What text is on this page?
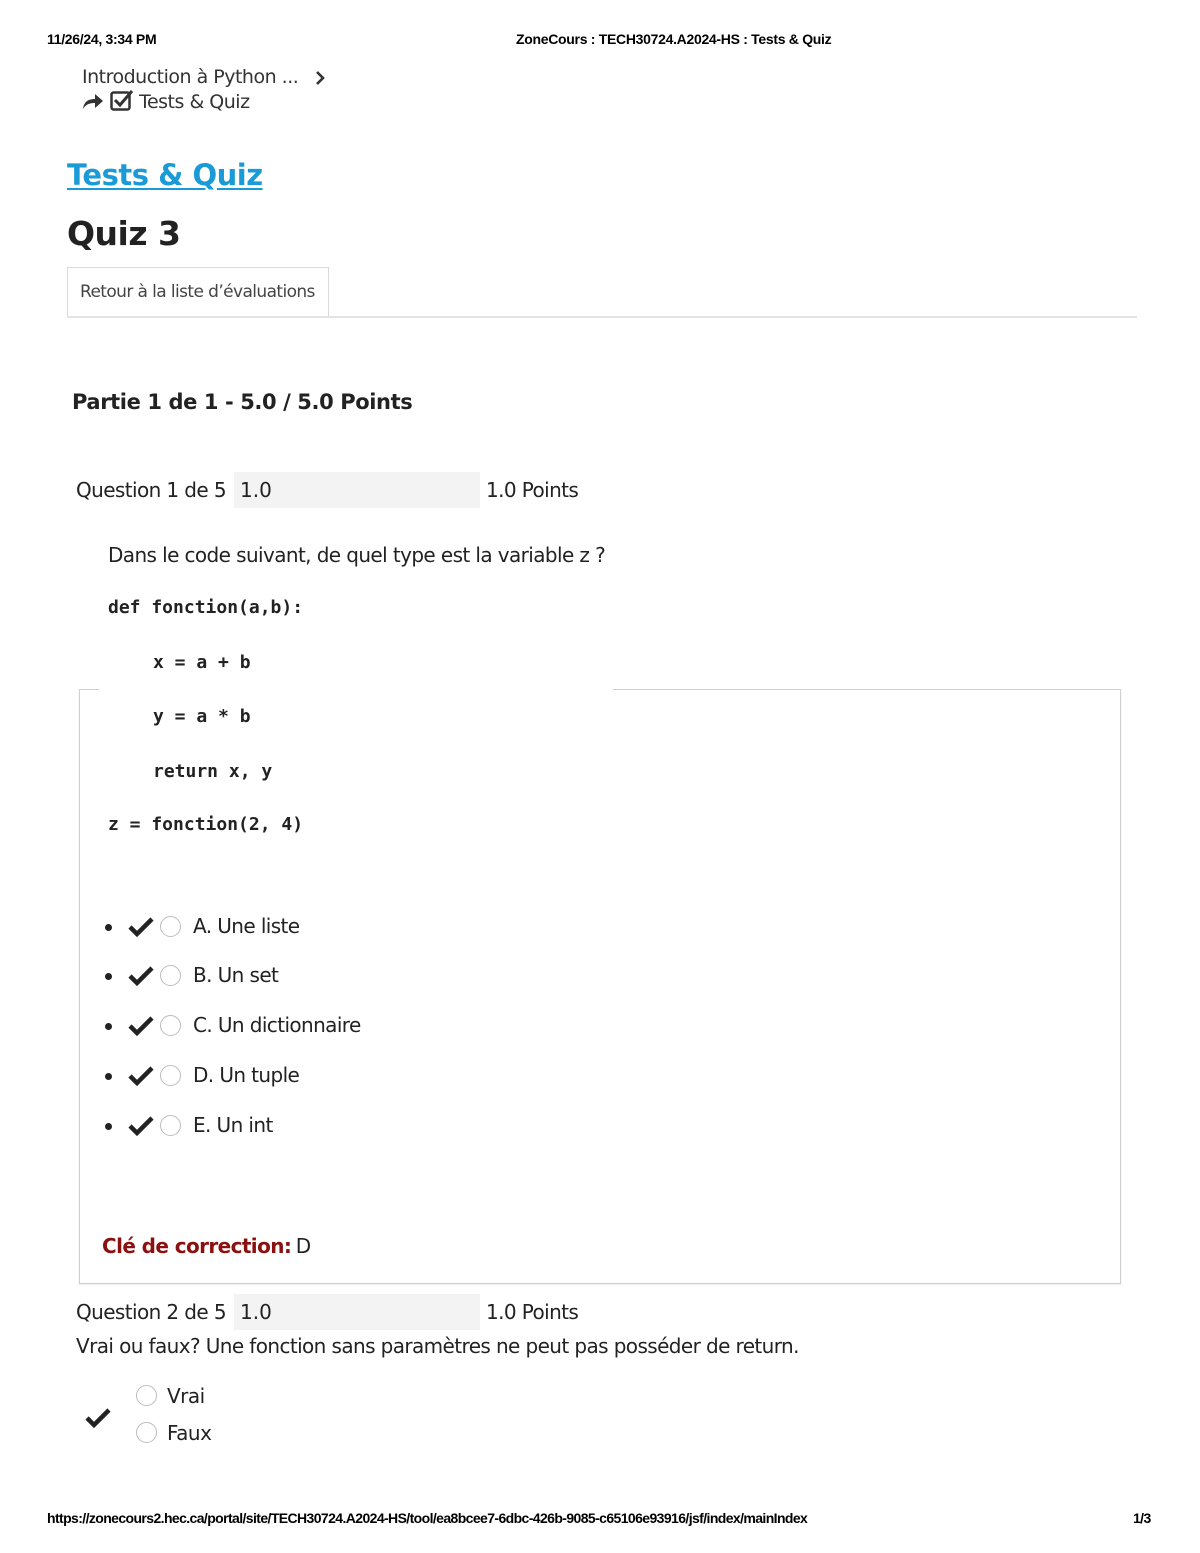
11/26/24, 3:34 PM	ZoneCours : TECH30724.A2024-HS : Tests & Quiz
Introduction à Python ...
Tests & Quiz
Tests & Quiz
Quiz 3
Retour à la liste d’évaluations
Partie 1 de 1 - 5.0 / 5.0 Points
Question 1 de 5 1.0	1.0 Points
Dans le code suivant, de quel type est la variable z ?
def fonction(a,b):
x = a + b
y = a * b
return x, y
z = fonction(2, 4)
A. Une liste
B. Un set
C. Un dictionnaire
D. Un tuple
E. Un int
Clé de correction: D
Question 2 de 5 1.0	1.0 Points
Vrai ou faux? Une fonction sans paramètres ne peut pas posséder de return.
Vrai
Faux
https://zonecours2.hec.ca/portal/site/TECH30724.A2024-HS/tool/ea8bcee7-6dbc-426b-9085-c65106e93916/jsf/index/mainIndex	1/3
